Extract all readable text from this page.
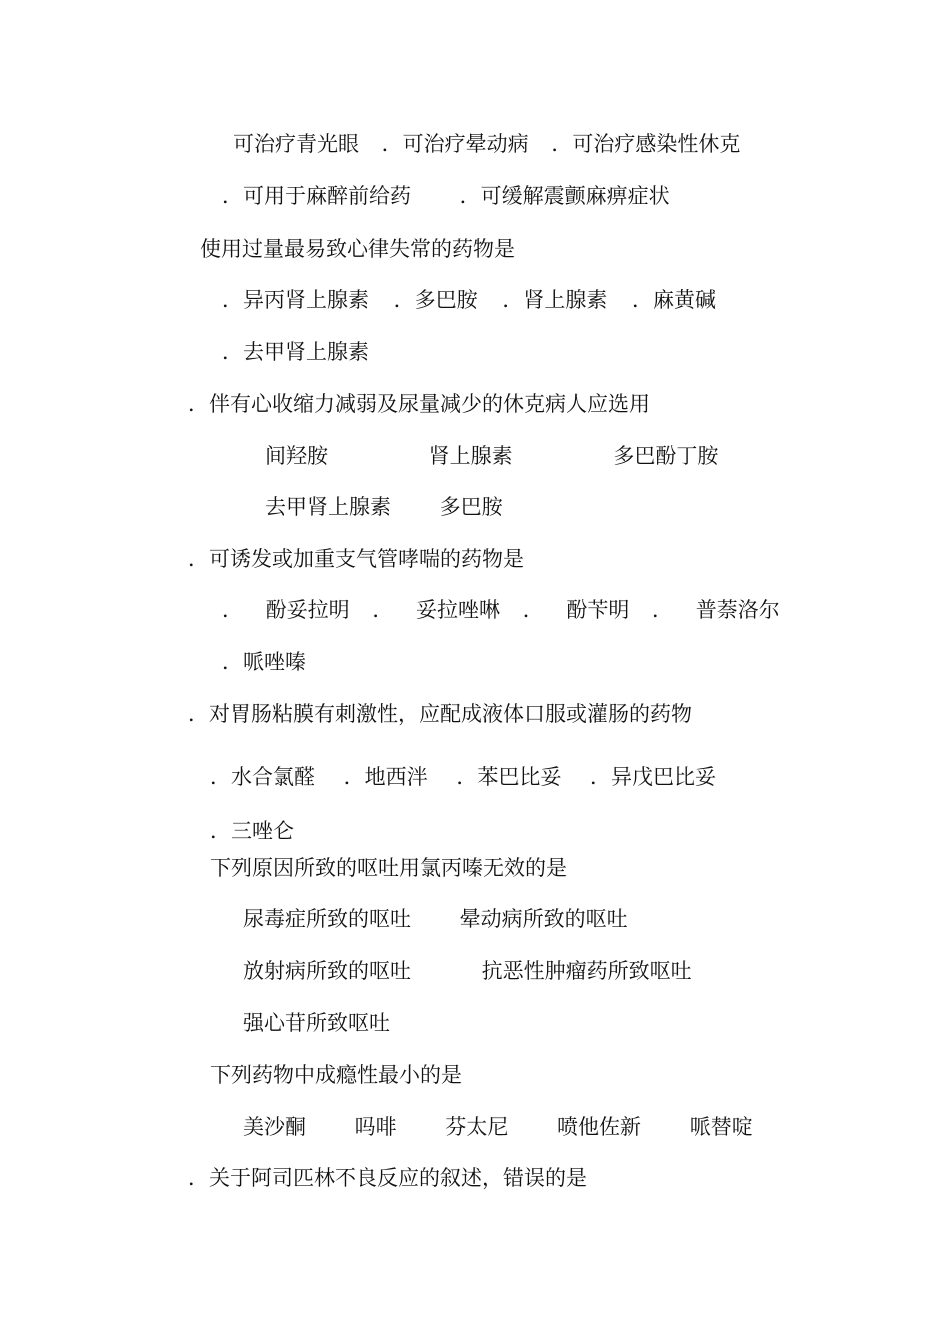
可治疗青光眼 ．可治疗晕动病 ．可治疗感染性休克

．可用于麻醉前给药 ．可缓解震颤麻痹症状

使用过量最易致心律失常的药物是

．异丙肾上腺素 ．多巴胺 ．肾上腺素 ．麻黄碱

．去甲肾上腺素

．伴有心收缩力减弱及尿量减少的休克病人应选用

间羟胺 肾上腺素 多巴酚丁胺

去甲肾上腺素 多巴胺

．可诱发或加重支气管哮喘的药物是

． 酚妥拉明 ． 妥拉唑啉 ． 酚苄明 ． 普萘洛尔

．哌唑嗪

．对胃肠粘膜有刺激性，应配成液体口服或灌肠的药物

．水合氯醛 ．地西泮 ．苯巴比妥 ．异戊巴比妥

．三唑仑

下列原因所致的呕吐用氯丙嗪无效的是

尿毒症所致的呕吐 晕动病所致的呕吐

放射病所致的呕吐 抗恶性肿瘤药所致呕吐

强心苷所致呕吐

下列药物中成瘾性最小的是

美沙酮 吗啡 芬太尼 喷他佐新 哌替啶

．关于阿司匹林不良反应的叙述，错误的是
